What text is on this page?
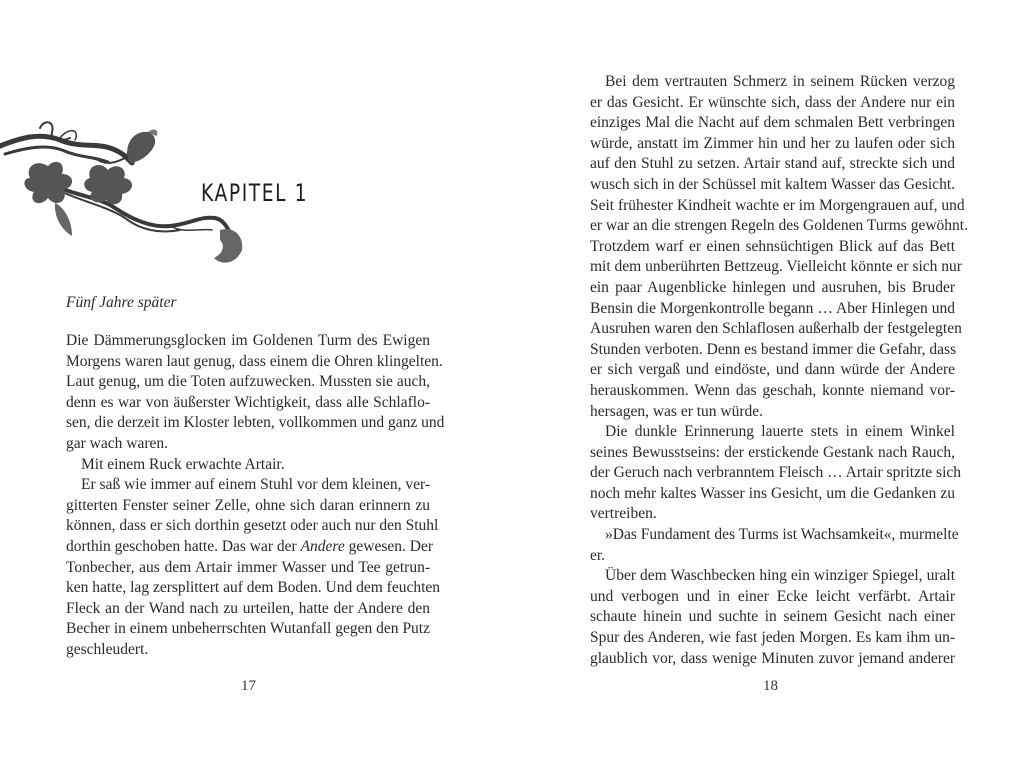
KAPITEL 1
Fünf Jahre später
Die Dämmerungsglocken im Goldenen Turm des Ewigen
Morgens waren laut genug, dass einem die Ohren klingelten.
Laut genug, um die Toten aufzuwecken. Mussten sie auch,
denn es war von äußerster Wichtigkeit, dass alle Schlaflo-
sen, die derzeit im Kloster lebten, vollkommen und ganz und
gar wach waren.
Mit einem Ruck erwachte Artair.
Er saß wie immer auf einem Stuhl vor dem kleinen, ver-
gitterten Fenster seiner Zelle, ohne sich daran erinnern zu
können, dass er sich dorthin gesetzt oder auch nur den Stuhl
dorthin geschoben hatte. Das war der Andere gewesen. Der
Tonbecher, aus dem Artair immer Wasser und Tee getrun-
ken hatte, lag zersplittert auf dem Boden. Und dem feuchten
Fleck an der Wand nach zu urteilen, hatte der Andere den
Becher in einem unbeherrschten Wutanfall gegen den Putz
geschleudert.
17
Bei dem vertrauten Schmerz in seinem Rücken verzog
er das Gesicht. Er wünschte sich, dass der Andere nur ein
einziges Mal die Nacht auf dem schmalen Bett verbringen
würde, anstatt im Zimmer hin und her zu laufen oder sich
auf den Stuhl zu setzen. Artair stand auf, streckte sich und
wusch sich in der Schüssel mit kaltem Wasser das Gesicht.
Seit frühester Kindheit wachte er im Morgengrauen auf, und
er war an die strengen Regeln des Goldenen Turms gewöhnt.
Trotzdem warf er einen sehnsüchtigen Blick auf das Bett
mit dem unberührten Bettzeug. Vielleicht könnte er sich nur
ein paar Augenblicke hinlegen und ausruhen, bis Bruder
Bensin die Morgenkontrolle begann … Aber Hinlegen und
Ausruhen waren den Schlaflosen außerhalb der festgelegten
Stunden verboten. Denn es bestand immer die Gefahr, dass
er sich vergaß und eindöste, und dann würde der Andere
herauskommen. Wenn das geschah, konnte niemand vor-
hersagen, was er tun würde.
Die dunkle Erinnerung lauerte stets in einem Winkel
seines Bewusstseins: der erstickende Gestank nach Rauch,
der Geruch nach verbranntem Fleisch … Artair spritzte sich
noch mehr kaltes Wasser ins Gesicht, um die Gedanken zu
vertreiben.
»Das Fundament des Turms ist Wachsamkeit«, murmelte
er.
Über dem Waschbecken hing ein winziger Spiegel, uralt
und verbogen und in einer Ecke leicht verfärbt. Artair
schaute hinein und suchte in seinem Gesicht nach einer
Spur des Anderen, wie fast jeden Morgen. Es kam ihm un-
glaublich vor, dass wenige Minuten zuvor jemand anderer
18
